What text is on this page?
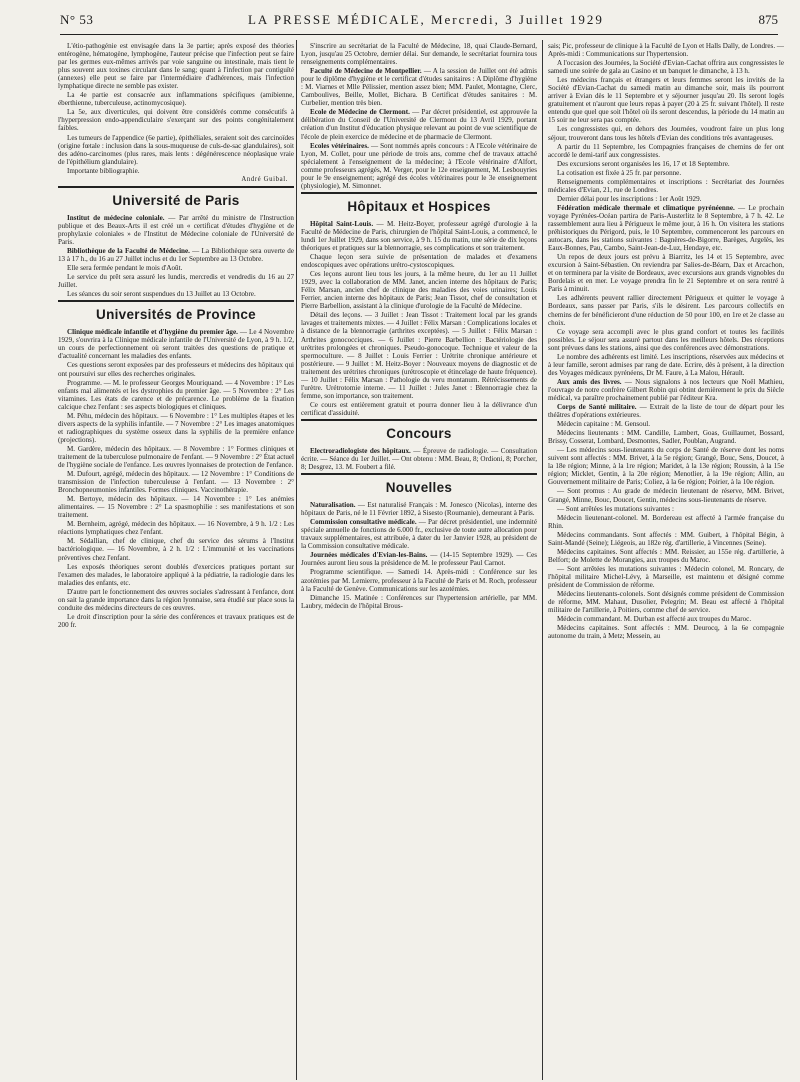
N° 53	LA PRESSE MÉDICALE, Mercredi, 3 Juillet 1929	875

L'étio-pathogénie est envisagée dans la 3e partie; après exposé des théories entérogène, hématogène, lymphogène, l'auteur précise que l'infection peut se faire par les germes eux-mêmes arrivés par voie sanguine ou intestinale, mais tient le plus souvent aux toxines circulant dans le sang; quant à l'infection par contiguïté (annexes) elle peut se faire par l'intermédiaire d'adhérences, mais l'infection lymphatique directe ne semble pas exister.

La 4e partie est consacrée aux inflammations spécifiques (amibienne, éberthienne, tuberculeuse, actinomycosique).

La 5e, aux diverticules, qui doivent être considérés comme consécutifs à l'hyperpression endo-appendiculaire s'exerçant sur des points congénitalement faibles.

Les tumeurs de l'appendice (6e partie), épithéliales, seraient soit des carcinoïdes (origine fœtale : inclusion dans la sous-muqueuse de culs-de-sac glandulaires), soit des adéno-carcinomes (plus rares, mais lents : dégénérescence néoplasique vraie de l'épithélium glandulaire).

Importante bibliographie.

André Guibal.

Université de Paris

Institut de médecine coloniale. — Par arrêté du ministre de l'Instruction publique et des Beaux-Arts il est créé un « certificat d'études d'hygiène et de prophylaxie coloniales » de l'Institut de Médecine coloniale de l'Université de Paris.

Bibliothèque de la Faculté de Médecine. — La Bibliothèque sera ouverte de 13 à 17 h., du 16 au 27 Juillet inclus et du 1er Septembre au 13 Octobre.

Elle sera fermée pendant le mois d'Août.

Le service du prêt sera assuré les lundis, mercredis et vendredis du 16 au 27 Juillet.

Les séances du soir seront suspendues du 13 Juillet au 13 Octobre.

Universités de Province

Clinique médicale infantile et d'hygiène du premier âge. — Le 4 Novembre 1929, s'ouvrira à la Clinique médicale infantile de l'Université de Lyon, à 9 h. 1/2, un cours de perfectionnement où seront traitées des questions de pratique et d'actualité concernant les maladies des enfants.

Ces questions seront exposées par des professeurs et médecins des hôpitaux qui ont poursuivi sur elles des recherches originales.

Programme. — M. le professeur Georges Mouriquand. — 4 Novembre : 1° Les enfants mal alimentés et les dystrophies du premier âge. — 5 Novembre : 2° Les vitamines. Les états de carence et de précarence. Le problème de la fixation calcique chez l'enfant : ses aspects biologiques et cliniques.

M. Péhu, médecin des hôpitaux. — 6 Novembre : 1° Les multiples étapes et les divers aspects de la syphilis infantile. — 7 Novembre : 2° Les images anatomiques et radiographiques du système osseux dans la syphilis de la première enfance (projections).

M. Gardère, médecin des hôpitaux. — 8 Novembre : 1° Formes cliniques et traitement de la tuberculose pulmonaire de l'enfant. — 9 Novembre : 2° État actuel de l'hygiène sociale de l'enfance. Les œuvres lyonnaises de protection de l'enfance.

M. Dufourt, agrégé, médecin des hôpitaux. — 12 Novembre : 1° Conditions de transmission de l'infection tuberculeuse à l'enfant. — 13 Novembre : 2° Bronchopneumonies infantiles. Formes cliniques. Vaccinothérapie.

M. Bertoye, médecin des hôpitaux. — 14 Novembre : 1° Les anémies alimentaires. — 15 Novembre : 2° La spasmophilie : ses manifestations et son traitement.

M. Bernheim, agrégé, médecin des hôpitaux. — 16 Novembre, à 9 h. 1/2 : Les réactions lymphatiques chez l'enfant.

M. Sédallian, chef de clinique, chef du service des sérums à l'Institut bactériologique. — 16 Novembre, à 2 h. 1/2 : L'immunité et les vaccinations préventives chez l'enfant.

Les exposés théoriques seront doublés d'exercices pratiques portant sur l'examen des malades, le laboratoire appliqué à la pédiatrie, la radiologie dans les maladies des enfants, etc.

D'autre part le fonctionnement des œuvres sociales s'adressant à l'enfance, dont on sait la grande importance dans la région lyonnaise, sera étudié sur place sous la conduite des médecins directeurs de ces œuvres.

Le droit d'inscription pour la série des conférences et travaux pratiques est de 200 fr.

S'inscrire au secrétariat de la Faculté de Médecine, 18, quai Claude-Bernard, Lyon, jusqu'au 25 Octobre, dernier délai. Sur demande, le secrétariat fournira tous renseignements complémentaires.

Faculté de Médecine de Montpellier. — A la session de Juillet ont été admis pour le diplôme d'hygiène et le certificat d'études sanitaires : A Diplôme d'hygiène : M. Viarnes et Mlle Pélissier, mention assez bien; MM. Paulet, Montagne, Clerc, Camboulives, Beille, Mollet, Bichara. B Certificat d'études sanitaires : M. Curbelier, mention très bien.

Ecole de Médecine de Clermont. — Par décret présidentiel, est approuvée la délibération du Conseil de l'Université de Clermont du 13 Avril 1929, portant création d'un Institut d'éducation physique relevant au point de vue scientifique de l'école de plein exercice de médecine et de pharmacie de Clermont.

Ecoles vétérinaires. — Sont nommés après concours : A l'Ecole vétérinaire de Lyon, M. Collet, pour une période de trois ans, comme chef de travaux attaché spécialement à l'enseignement de la médecine; à l'Ecole vétérinaire d'Alfort, comme professeurs agrégés, M. Verger, pour le 12e enseignement, M. Lesbouyries pour le 9e enseignement; agrégé des écoles vétérinaires pour le 3e enseignement (physiologie), M. Simonnet.

Hôpitaux et Hospices

Hôpital Saint-Louis. — M. Heitz-Boyer, professeur agrégé d'urologie à la Faculté de Médecine de Paris, chirurgien de l'hôpital Saint-Louis, a commencé, le lundi 1er Juillet 1929, dans son service, à 9 h. 15 du matin, une série de dix leçons théoriques et pratiques sur la blennorragie, ses complications et son traitement.

Chaque leçon sera suivie de présentation de malades et d'examens endoscopiques avec opérations urétro-cystoscopiques.

Ces leçons auront lieu tous les jours, à la même heure, du 1er au 11 Juillet 1929, avec la collaboration de MM. Janet, ancien interne des hôpitaux de Paris; Félix Marsan, ancien chef de clinique des maladies des voies urinaires; Louis Ferrier, ancien interne des hôpitaux de Paris; Jean Tissot, chef de consultation et Pierre Barbellion, assistant à la clinique d'urologie de la Faculté de Médecine.

Détail des leçons. — 3 Juillet : Jean Tissot : Traitement local par les grands lavages et traitements mixtes. — 4 Juillet : Félix Marsan : Complications locales et à distance de la blennorragie (arthrites exceptées). — 5 Juillet : Félix Marsan : Arthrites gonococciques. — 6 Juillet : Pierre Barbellion : Bactériologie des urétrites prolongées et chroniques. Pseudo-gonocoque. Technique et valeur de la spermoculture. — 8 Juillet : Louis Ferrier : Urétrite chronique antérieure et postérieure. — 9 Juillet : M. Heitz-Boyer : Nouveaux moyens de diagnostic et de traitement des urétrites chroniques (urétroscopie et étincelage de haute fréquence). — 10 Juillet : Félix Marsan : Pathologie du veru montanum. Rétrécissements de l'urètre. Urétrotomie interne. — 11 Juillet : Jules Janet : Blennorragie chez la femme, son importance, son traitement.

Ce cours est entièrement gratuit et pourra donner lieu à la délivrance d'un certificat d'assiduité.

Concours

Electroradiologiste des hôpitaux. — Épreuve de radiologie. — Consultation écrite. — Séance du 1er Juillet. — Ont obtenu : MM. Beau, 8; Ordioni, 8; Porcher, 8; Desgrez, 13. M. Foubert a filé.

Nouvelles

Naturalisation. — Est naturalisé Français : M. Jonesco (Nicolas), interne des hôpitaux de Paris, né le 11 Février 1892, à Sisesto (Roumanie), demeurant à Paris.

Commission consultative médicale. — Par décret présidentiel, une indemnité spéciale annuelle de fonctions de 6.000 fr., exclusive de toute autre allocation pour travaux supplémentaires, est attribuée, à dater du 1er Janvier 1928, au président de la Commission consultative médicale.

Journées médicales d'Evian-les-Bains. — (14-15 Septembre 1929). — Ces Journées auront lieu sous la présidence de M. le professeur Paul Carnot.

Programme scientifique. — Samedi 14. Après-midi : Conférence sur les azotémies par M. Lemierre, professeur à la Faculté de Paris et M. Roch, professeur à la Faculté de Genève. Communications sur les azotémies.

Dimanche 15. Matinée : Conférences sur l'hypertension artérielle, par MM. Laubry, médecin de l'hôpital Brous-

sais; Pic, professeur de clinique à la Faculté de Lyon et Halls Dally, de Londres. — Après-midi : Communications sur l'hypertension.

A l'occasion des Journées, la Société d'Evian-Cachat offrira aux congressistes le samedi une soirée de gala au Casino et un banquet le dimanche, à 13 h.

Les médecins français et étrangers et leurs femmes seront les invités de la Société d'Evian-Cachat du samedi matin au dimanche soir, mais ils pourront arriver à Evian dès le 11 Septembre et y séjourner jusqu'au 20. Ils seront logés gratuitement et n'auront que leurs repas à payer (20 à 25 fr. suivant l'hôtel). Il reste entendu que quel que soit l'hôtel où ils seront descendus, la période du 14 matin au 15 soir ne leur sera pas comptée.

Les congressistes qui, en dehors des Journées, voudront faire un plus long séjour, trouveront dans tous les hôtels d'Evian des conditions très avantageuses.

A partir du 11 Septembre, les Compagnies françaises de chemins de fer ont accordé le demi-tarif aux congressistes.

Des excursions seront organisées les 16, 17 et 18 Septembre.

La cotisation est fixée à 25 fr. par personne.

Renseignements complémentaires et inscriptions : Secrétariat des Journées médicales d'Evian, 21, rue de Londres.

Dernier délai pour les inscriptions : 1er Août 1929.

Fédération médicale thermale et climatique pyrénéenne. — Le prochain voyage Pyrénées-Océan partira de Paris-Austerlitz le 8 Septembre, à 7 h. 42. Le rassemblement aura lieu à Périgueux le même jour, à 16 h. On visitera les stations préhistoriques du Périgord, puis, le 10 Septembre, commenceront les parcours en autocars, dans les stations suivantes : Bagnères-de-Bigorre, Barèges, Argelès, les Eaux-Bonnes, Pau, Cambo, Saint-Jean-de-Luz, Hendaye, etc.

Un repos de deux jours est prévu à Biarritz, les 14 et 15 Septembre, avec excursion à Saint-Sébastien. On reviendra par Salies-de-Béarn, Dax et Arcachon, et on terminera par la visite de Bordeaux, avec excursions aux grands vignobles du Bordelais et en mer. Le voyage prendra fin le 21 Septembre et on sera rentré à Paris à minuit.

Les adhérents peuvent rallier directement Périgueux et quitter le voyage à Bordeaux, sans passer par Paris, s'ils le désirent. Les parcours collectifs en chemins de fer bénéficieront d'une réduction de 50 pour 100, en 1re et 2e classe au choix.

Ce voyage sera accompli avec le plus grand confort et toutes les facilités possibles. Le séjour sera assuré partout dans les meilleurs hôtels. Des réceptions sont prévues dans les stations, ainsi que des conférences avec démonstrations.

Le nombre des adhérents est limité. Les inscriptions, réservées aux médecins et à leur famille, seront admises par rang de date. Ecrire, dès à présent, à la direction des Voyages médicaux pyrénéens, Dr M. Faure, à La Malou, Hérault.

Aux amis des livres. — Nous signalons à nos lecteurs que Noël Mathieu, l'ouvrage de notre confrère Gilbert Robin qui obtint dernièrement le prix du Siècle médical, va paraître prochainement publié par l'éditeur Kra.

Corps de Santé militaire. — Extrait de la liste de tour de départ pour les théâtres d'opérations extérieures.

Médecin capitaine : M. Gensoul.

Médecins lieutenants : MM. Candille, Lambert, Goas, Guillaumet, Bossard, Brissy, Cosserat, Lombard, Desmontes, Sadler, Poublan, Augrand.

— Les médecins sous-lieutenants du corps de Santé de réserve dont les noms suivent sont affectés : MM. Brivet, à la 5e région; Grangé, Bouc, Sens, Doucet, à la 18e région; Minne, à la 1re région; Maridet, à la 13e région; Roussin, à la 15e région; Micklet, Gentin, à la 20e région; Menotlier, à la 19e région; Allin, au Gouvernement militaire de Paris; Coliez, à la 6e région; Poirier, à la 10e région.

— Sont promus : Au grade de médecin lieutenant de réserve, MM. Brivet, Grangé, Minne, Bouc, Doucet, Gentin, médecins sous-lieutenants de réserve.

— Sont arrêtées les mutations suivantes :

Médecin lieutenant-colonel. M. Bordereau est affecté à l'armée française du Rhin.

Médecins commandants. Sont affectés : MM. Guibert, à l'hôpital Bégin, à Saint-Mandé (Seine); Liégeois, au 182e rég. d'artillerie, à Vincennes (Seine).

Médecins capitaines. Sont affectés : MM. Reissier, au 155e rég. d'artillerie, à Belfort; de Molette de Morangies, aux troupes du Maroc.

— Sont arrêtées les mutations suivantes : Médecin colonel, M. Roncary, de l'hôpital militaire Michel-Lévy, à Marseille, est maintenu et désigné comme président de Commission de réforme.

Médecins lieutenants-colonels. Sont désignés comme président de Commission de réforme, MM. Mahaut, Dusolier, Pelegrin; M. Beau est affecté à l'hôpital militaire de l'artillerie, à Poitiers, comme chef de service.

Médecin commandant. M. Durban est affecté aux troupes du Maroc.

Médecins capitaines. Sont affectés : MM. Deurocq, à la 6e compagnie autonome du train, à Metz; Messein, au
